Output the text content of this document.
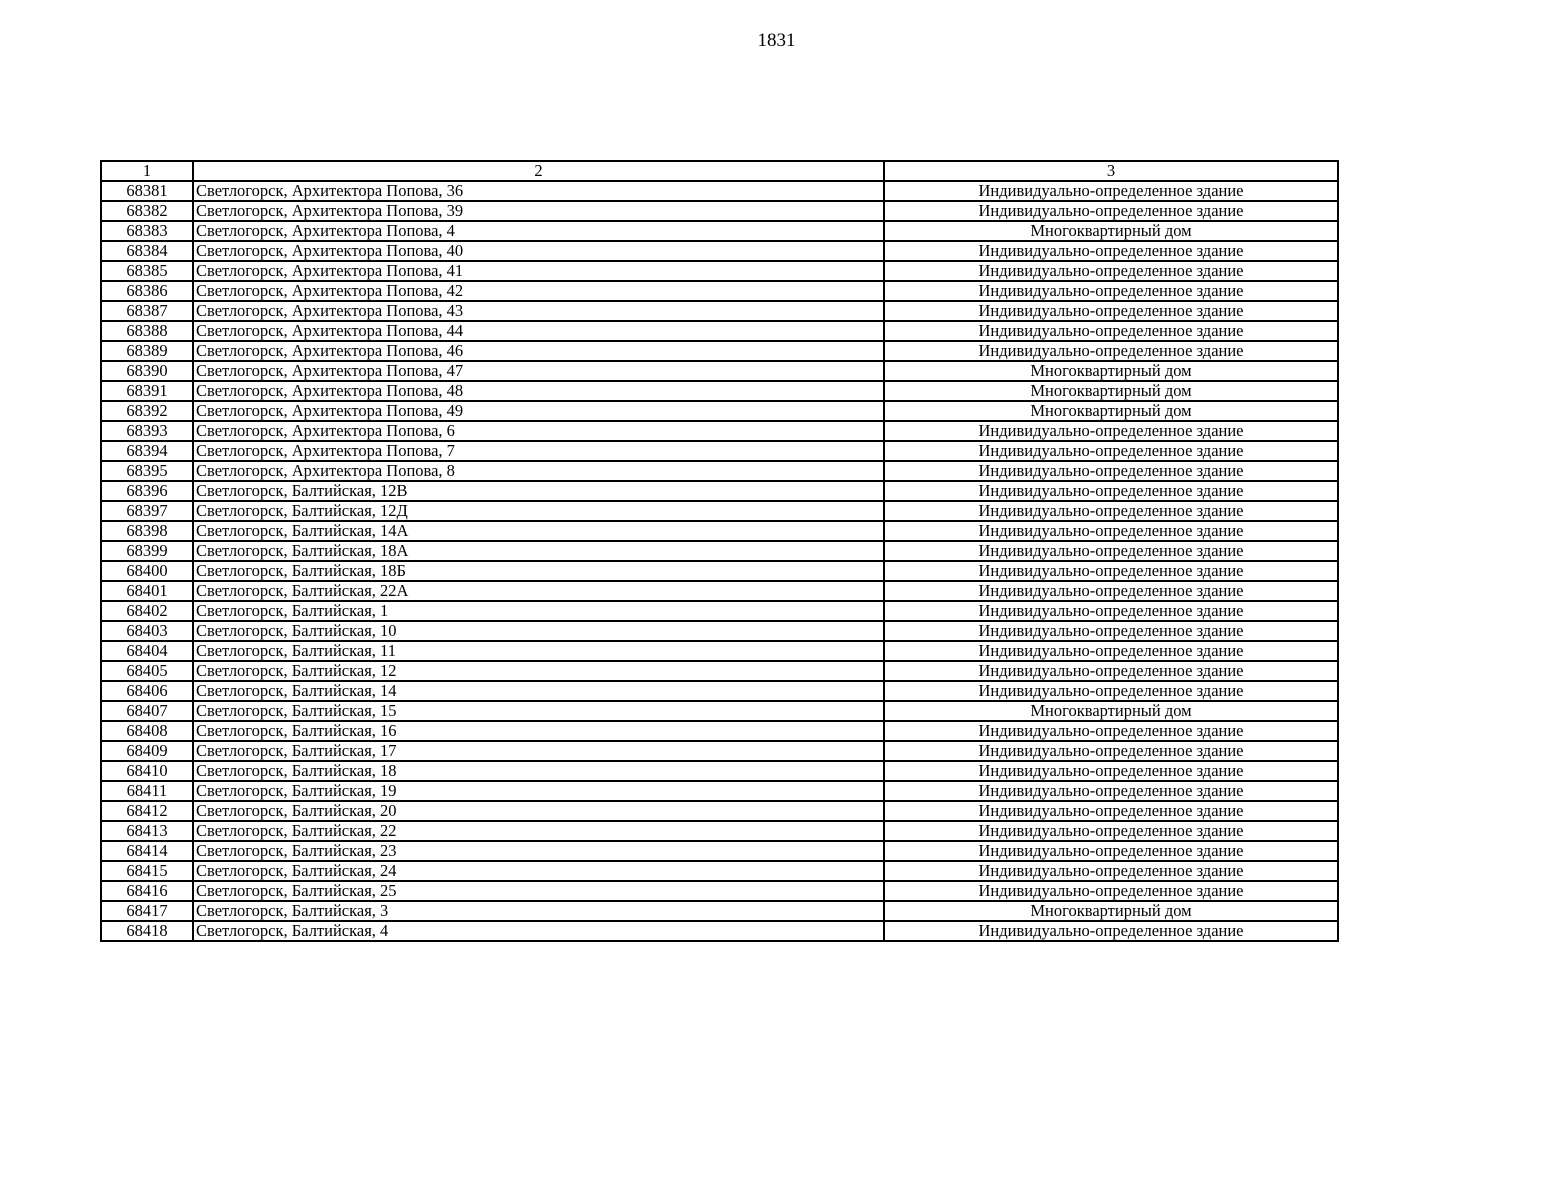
1831
1	2	3
68381	Светлогорск, Архитектора Попова, 36	Индивидуально-определенное здание
68382	Светлогорск, Архитектора Попова, 39	Индивидуально-определенное здание
68383	Светлогорск, Архитектора Попова, 4	Многоквартирный дом
68384	Светлогорск, Архитектора Попова, 40	Индивидуально-определенное здание
68385	Светлогорск, Архитектора Попова, 41	Индивидуально-определенное здание
68386	Светлогорск, Архитектора Попова, 42	Индивидуально-определенное здание
68387	Светлогорск, Архитектора Попова, 43	Индивидуально-определенное здание
68388	Светлогорск, Архитектора Попова, 44	Индивидуально-определенное здание
68389	Светлогорск, Архитектора Попова, 46	Индивидуально-определенное здание
68390	Светлогорск, Архитектора Попова, 47	Многоквартирный дом
68391	Светлогорск, Архитектора Попова, 48	Многоквартирный дом
68392	Светлогорск, Архитектора Попова, 49	Многоквартирный дом
68393	Светлогорск, Архитектора Попова, 6	Индивидуально-определенное здание
68394	Светлогорск, Архитектора Попова, 7	Индивидуально-определенное здание
68395	Светлогорск, Архитектора Попова, 8	Индивидуально-определенное здание
68396	Светлогорск, Балтийская, 12В	Индивидуально-определенное здание
68397	Светлогорск, Балтийская, 12Д	Индивидуально-определенное здание
68398	Светлогорск, Балтийская, 14А	Индивидуально-определенное здание
68399	Светлогорск, Балтийская, 18А	Индивидуально-определенное здание
68400	Светлогорск, Балтийская, 18Б	Индивидуально-определенное здание
68401	Светлогорск, Балтийская, 22А	Индивидуально-определенное здание
68402	Светлогорск, Балтийская, 1	Индивидуально-определенное здание
68403	Светлогорск, Балтийская, 10	Индивидуально-определенное здание
68404	Светлогорск, Балтийская, 11	Индивидуально-определенное здание
68405	Светлогорск, Балтийская, 12	Индивидуально-определенное здание
68406	Светлогорск, Балтийская, 14	Индивидуально-определенное здание
68407	Светлогорск, Балтийская, 15	Многоквартирный дом
68408	Светлогорск, Балтийская, 16	Индивидуально-определенное здание
68409	Светлогорск, Балтийская, 17	Индивидуально-определенное здание
68410	Светлогорск, Балтийская, 18	Индивидуально-определенное здание
68411	Светлогорск, Балтийская, 19	Индивидуально-определенное здание
68412	Светлогорск, Балтийская, 20	Индивидуально-определенное здание
68413	Светлогорск, Балтийская, 22	Индивидуально-определенное здание
68414	Светлогорск, Балтийская, 23	Индивидуально-определенное здание
68415	Светлогорск, Балтийская, 24	Индивидуально-определенное здание
68416	Светлогорск, Балтийская, 25	Индивидуально-определенное здание
68417	Светлогорск, Балтийская, 3	Многоквартирный дом
68418	Светлогорск, Балтийская, 4	Индивидуально-определенное здание
